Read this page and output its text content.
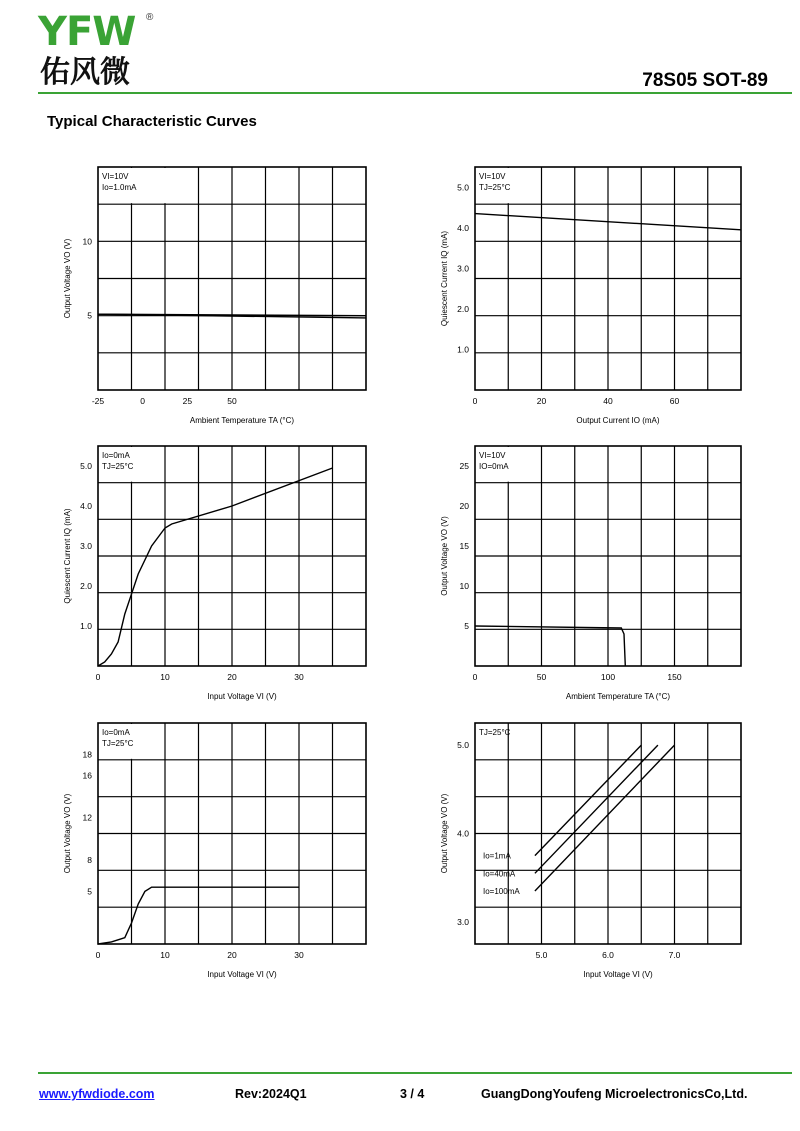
YFW ®
佑风微	78S05 SOT-89
Typical Characteristic Curves
VI=10V
Io=1.0mA
-25	0	25	50
5
10
Ambient Temperature TA (°C)
Output Voltage VO (V)
VI=10V
TJ=25°C
0	20	40	60
1.0
2.0
3.0
4.0
5.0
Output Current IO (mA)
Quiescent Current IQ (mA)
Io=0mA
TJ=25°C
0	10	20	30
1.0
2.0
3.0
4.0
5.0
Input Voltage VI (V)
Quiescent Current IQ (mA)
VI=10V
IO=0mA
0	50	100	150
5
10
15
20
25
Ambient Temperature TA (°C)
Output Voltage VO (V)
Io=0mA
TJ=25°C
0	10	20	30
5
8
12
16
18
Input Voltage VI (V)
Output Voltage VO (V)
TJ=25°C
5.0	6.0	7.0
3.0
4.0
5.0
Input Voltage VI (V)
Output Voltage VO (V)	Io=1mA
Io=40mA
Io=100mA
www.yfwdiode.com	Rev:2024Q1	3 / 4	GuangDongYoufeng MicroelectronicsCo,Ltd.
